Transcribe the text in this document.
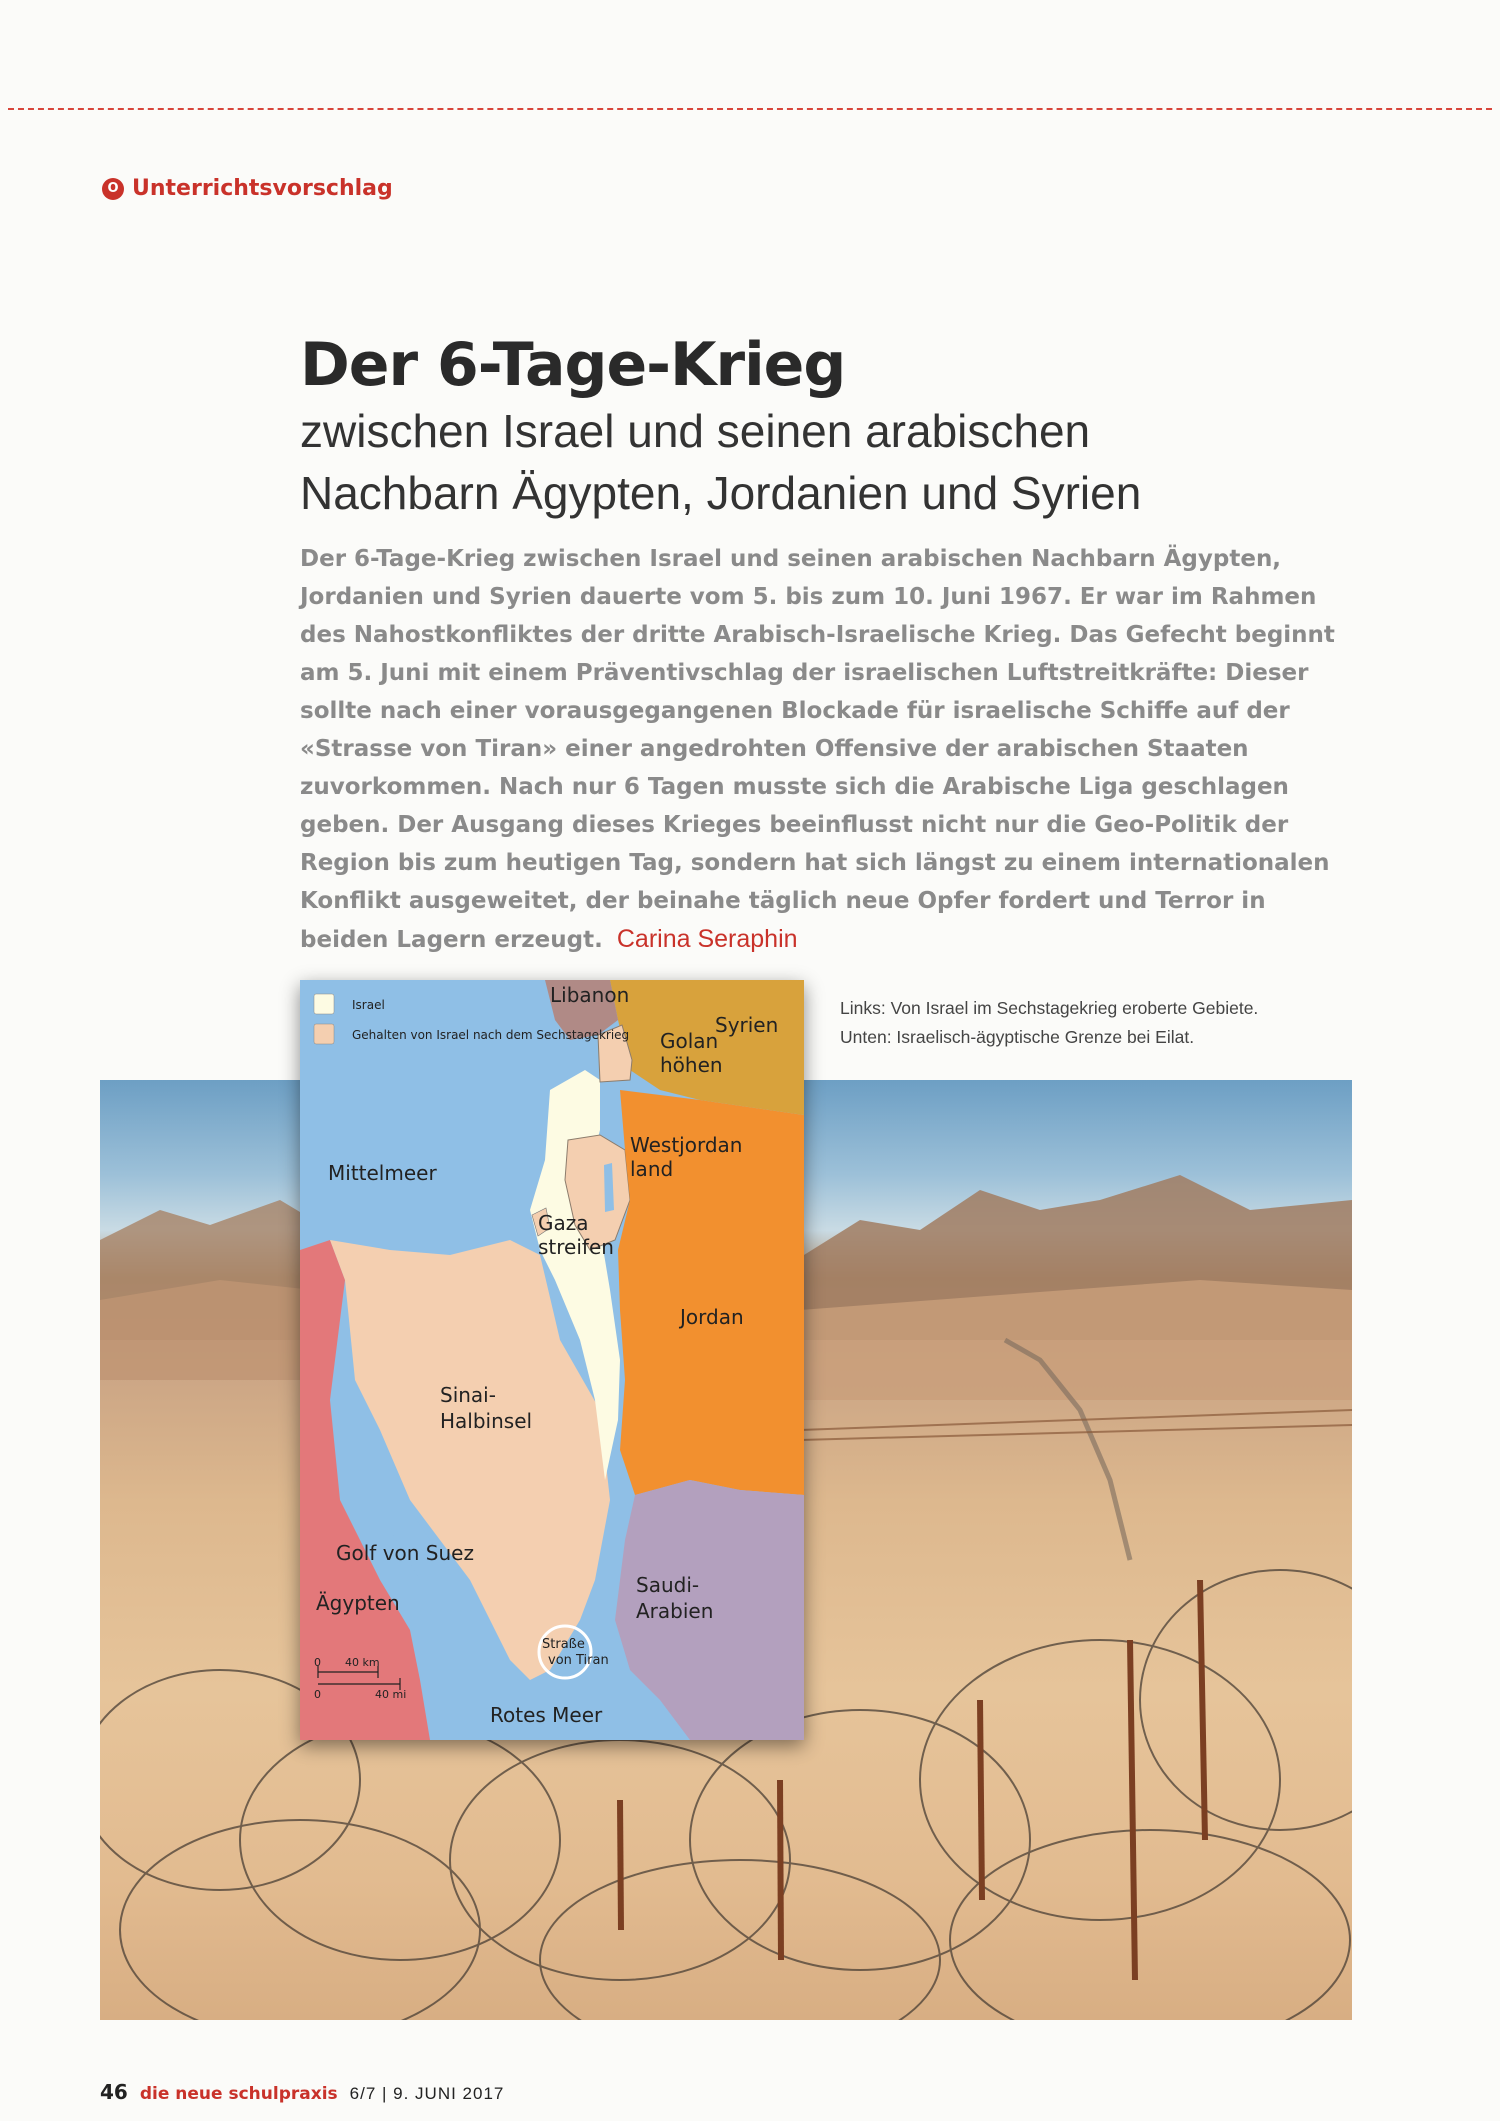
O Unterrichtsvorschlag
Der 6-Tage-Krieg
zwischen Israel und seinen arabischen
Nachbarn Ägypten, Jordanien und Syrien
Der 6-Tage-Krieg zwischen Israel und seinen arabischen Nachbarn Ägypten, Jordanien und Syrien dauerte vom 5. bis zum 10. Juni 1967. Er war im Rahmen des Nahostkonfliktes der dritte Arabisch-Israelische Krieg. Das Gefecht beginnt am 5. Juni mit einem Präventivschlag der israelischen Luftstreitkräfte: Dieser sollte nach einer vorausgegangenen Blockade für israelische Schiffe auf der «Strasse von Tiran» einer angedrohten Offensive der arabischen Staaten zuvorkommen. Nach nur 6 Tagen musste sich die Arabische Liga geschlagen geben. Der Ausgang dieses Krieges beeinflusst nicht nur die Geo-Politik der Region bis zum heutigen Tag, sondern hat sich längst zu einem internationalen Konflikt ausgeweitet, der beinahe täglich neue Opfer fordert und Terror in beiden Lagern erzeugt. Carina Seraphin
Links: Von Israel im Sechstagekrieg eroberte Gebiete.
Unten: Israelisch-ägyptische Grenze bei Eilat.
Israel
Gehalten von Israel nach dem Sechstagekrieg
Libanon
Syrien
Golan
höhen
Westjordan
land
Mittelmeer
Gaza
streifen
Jordan
Sinai-
Halbinsel
Golf von Suez
Ägypten
Saudi-
Arabien
Straße
von Tiran
Rotes Meer
0 40 km
0	40 mi
46 die neue schulpraxis 6/7 | 9. JUNI 2017
